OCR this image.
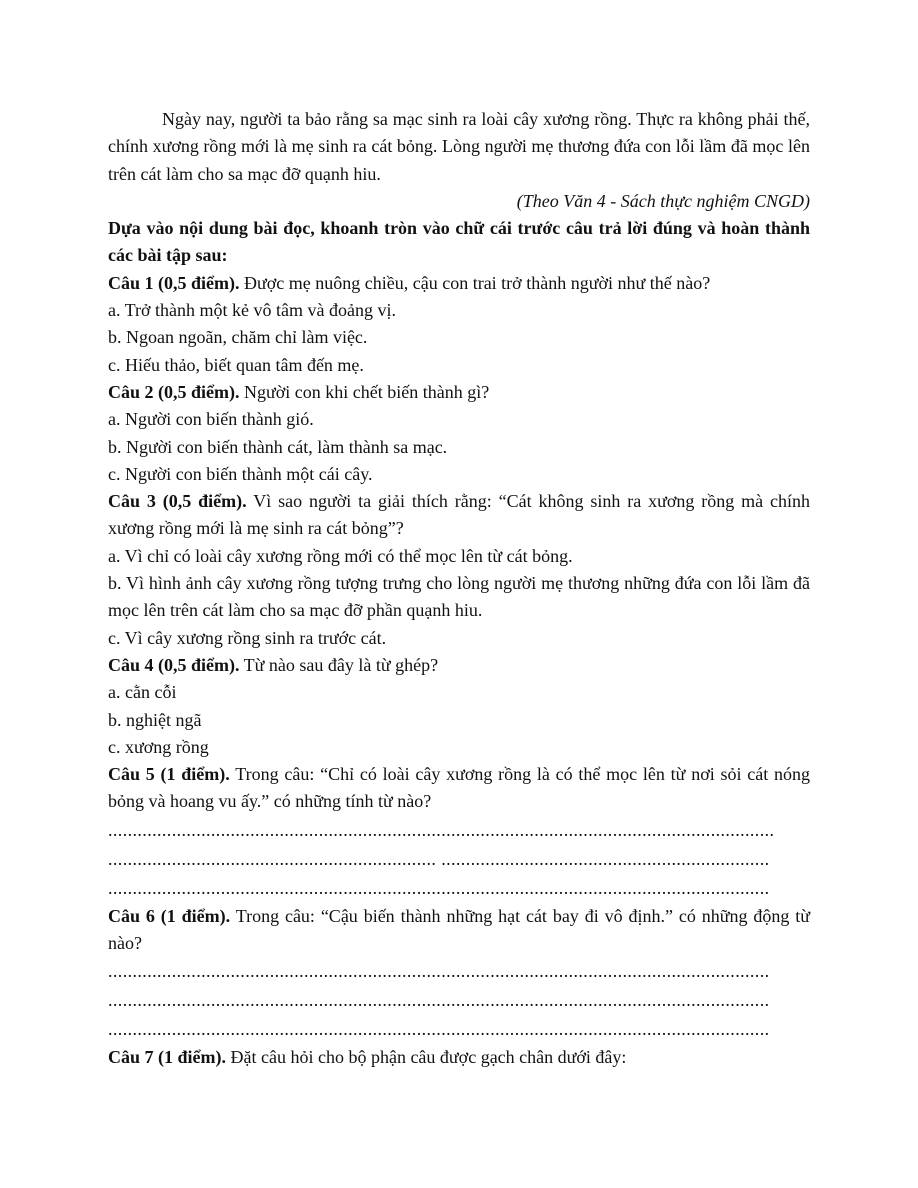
Ngày nay, người ta bảo rằng sa mạc sinh ra loài cây xương rồng. Thực ra không phải thế, chính xương rồng mới là mẹ sinh ra cát bỏng. Lòng người mẹ thương đứa con lỗi lầm đã mọc lên trên cát làm cho sa mạc đỡ quạnh hiu.
(Theo Văn 4 - Sách thực nghiệm CNGD)
Dựa vào nội dung bài đọc, khoanh tròn vào chữ cái trước câu trả lời đúng và hoàn thành các bài tập sau:
Câu 1 (0,5 điểm). Được mẹ nuông chiều, cậu con trai trở thành người như thế nào?
a. Trở thành một kẻ vô tâm và đoảng vị.
b. Ngoan ngoãn, chăm chỉ làm việc.
c. Hiếu thảo, biết quan tâm đến mẹ.
Câu 2 (0,5 điểm). Người con khi chết biến thành gì?
a. Người con biến thành gió.
b. Người con biến thành cát, làm thành sa mạc.
c. Người con biến thành một cái cây.
Câu 3 (0,5 điểm). Vì sao người ta giải thích rằng: “Cát không sinh ra xương rồng mà chính xương rồng mới là mẹ sinh ra cát bỏng”?
a. Vì chỉ có loài cây xương rồng mới có thể mọc lên từ cát bỏng.
b. Vì hình ảnh cây xương rồng tượng trưng cho lòng người mẹ thương những đứa con lỗi lầm đã mọc lên trên cát làm cho sa mạc đỡ phần quạnh hiu.
c. Vì cây xương rồng sinh ra trước cát.
Câu 4 (0,5 điểm). Từ nào sau đây là từ ghép?
a. cằn cỗi
b. nghiệt ngã
c. xương rồng
Câu 5 (1 điểm). Trong câu: “Chỉ có loài cây xương rồng là có thể mọc lên từ nơi sỏi cát nóng bỏng và hoang vu ấy.” có những tính từ nào?
........................................................................................................................................
................................................................... ...................................................................
.......................................................................................................................................
Câu 6 (1 điểm). Trong câu: “Cậu biến thành những hạt cát bay đi vô định.” có những động từ nào?
.......................................................................................................................................
.......................................................................................................................................
.......................................................................................................................................
Câu 7 (1 điểm). Đặt câu hỏi cho bộ phận câu được gạch chân dưới đây:
